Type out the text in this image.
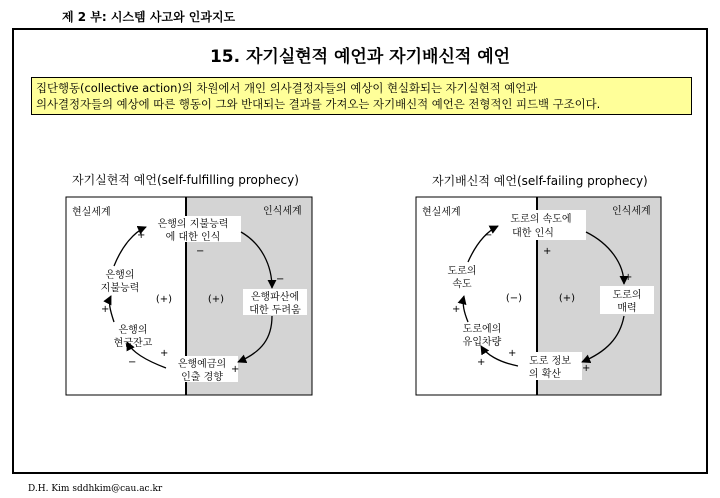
제 2 부: 시스템 사고와 인과지도
15. 자기실현적 예언과 자기배신적 예언
집단행동(collective action)의 차원에서 개인 의사결정자들의 예상이 현실화되는 자기실현적 예언과
의사결정자들의 예상에 따른 행동이 그와 반대되는 결과를 가져오는 자기배신적 예언은 전형적인 피드백 구조이다.
자기실현적 예언(self-fulfilling prophecy)	자기배신적 예언(self-failing prophecy)
현실세계	인식세계
은행의 지불능력
에 대한 인식
은행파산에
대한 두려움
은행예금의
인출 경향
은행의
현금잔고
은행의
지불능력
(+)	(+)
+
−
−
+
+
−
+
현실세계	인식세계
도로의 속도에
대한 인식
도로의
매력
도로 정보
의 확산
도로에의
유입차량
도로의
속도
(−)	(+)
−
+
+
+
+
+
+
D.H. Kim sddhkim@cau.ac.kr
